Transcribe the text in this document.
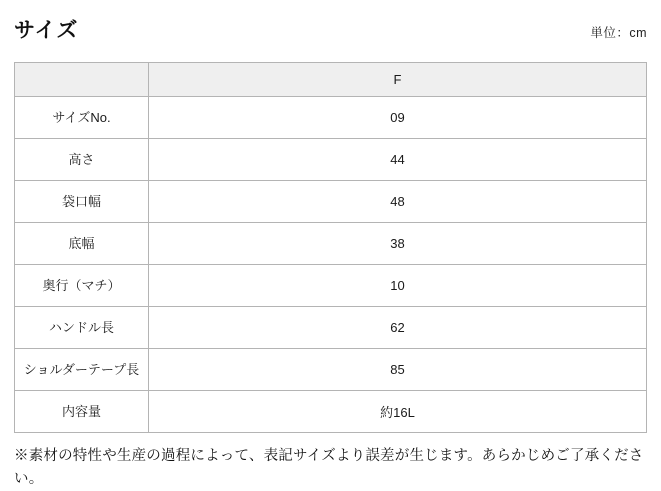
サイズ	単位：cm
	F
サイズNo.	09
高さ	44
袋口幅	48
底幅	38
奥行（マチ）	10
ハンドル長	62
ショルダーテープ長	85
内容量	約16L
※素材の特性や生産の過程によって、表記サイズより誤差が生じます。あらかじめご了承ください。
